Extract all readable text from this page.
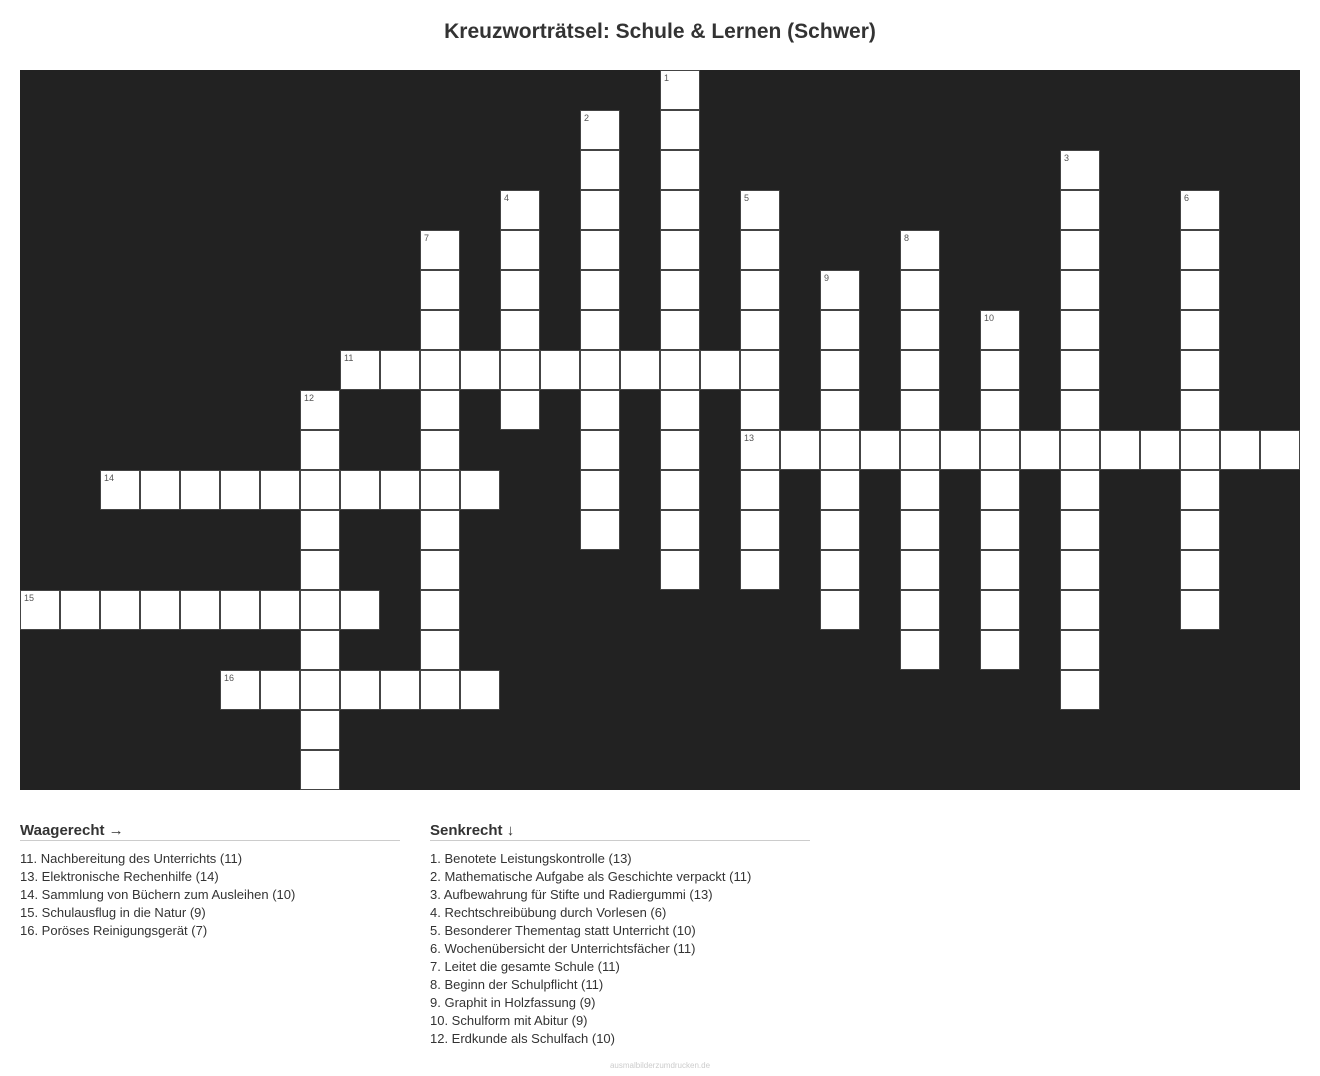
Kreuzworträtsel: Schule & Lernen (Schwer)
1
2
3
4	5
13
6
7	8
9
10
11
12
14
15
16
Waagerecht →
11. Nachbereitung des Unterrichts (11)
13. Elektronische Rechenhilfe (14)
14. Sammlung von Büchern zum Ausleihen (10)
15. Schulausflug in die Natur (9)
16. Poröses Reinigungsgerät (7)
Senkrecht ↓
1. Benotete Leistungskontrolle (13)
2. Mathematische Aufgabe als Geschichte verpackt (11)
3. Aufbewahrung für Stifte und Radiergummi (13)
4. Rechtschreibübung durch Vorlesen (6)
5. Besonderer Thementag statt Unterricht (10)
6. Wochenübersicht der Unterrichtsfächer (11)
7. Leitet die gesamte Schule (11)
8. Beginn der Schulpflicht (11)
9. Graphit in Holzfassung (9)
10. Schulform mit Abitur (9)
12. Erdkunde als Schulfach (10)
ausmalbilderzumdrucken.de
